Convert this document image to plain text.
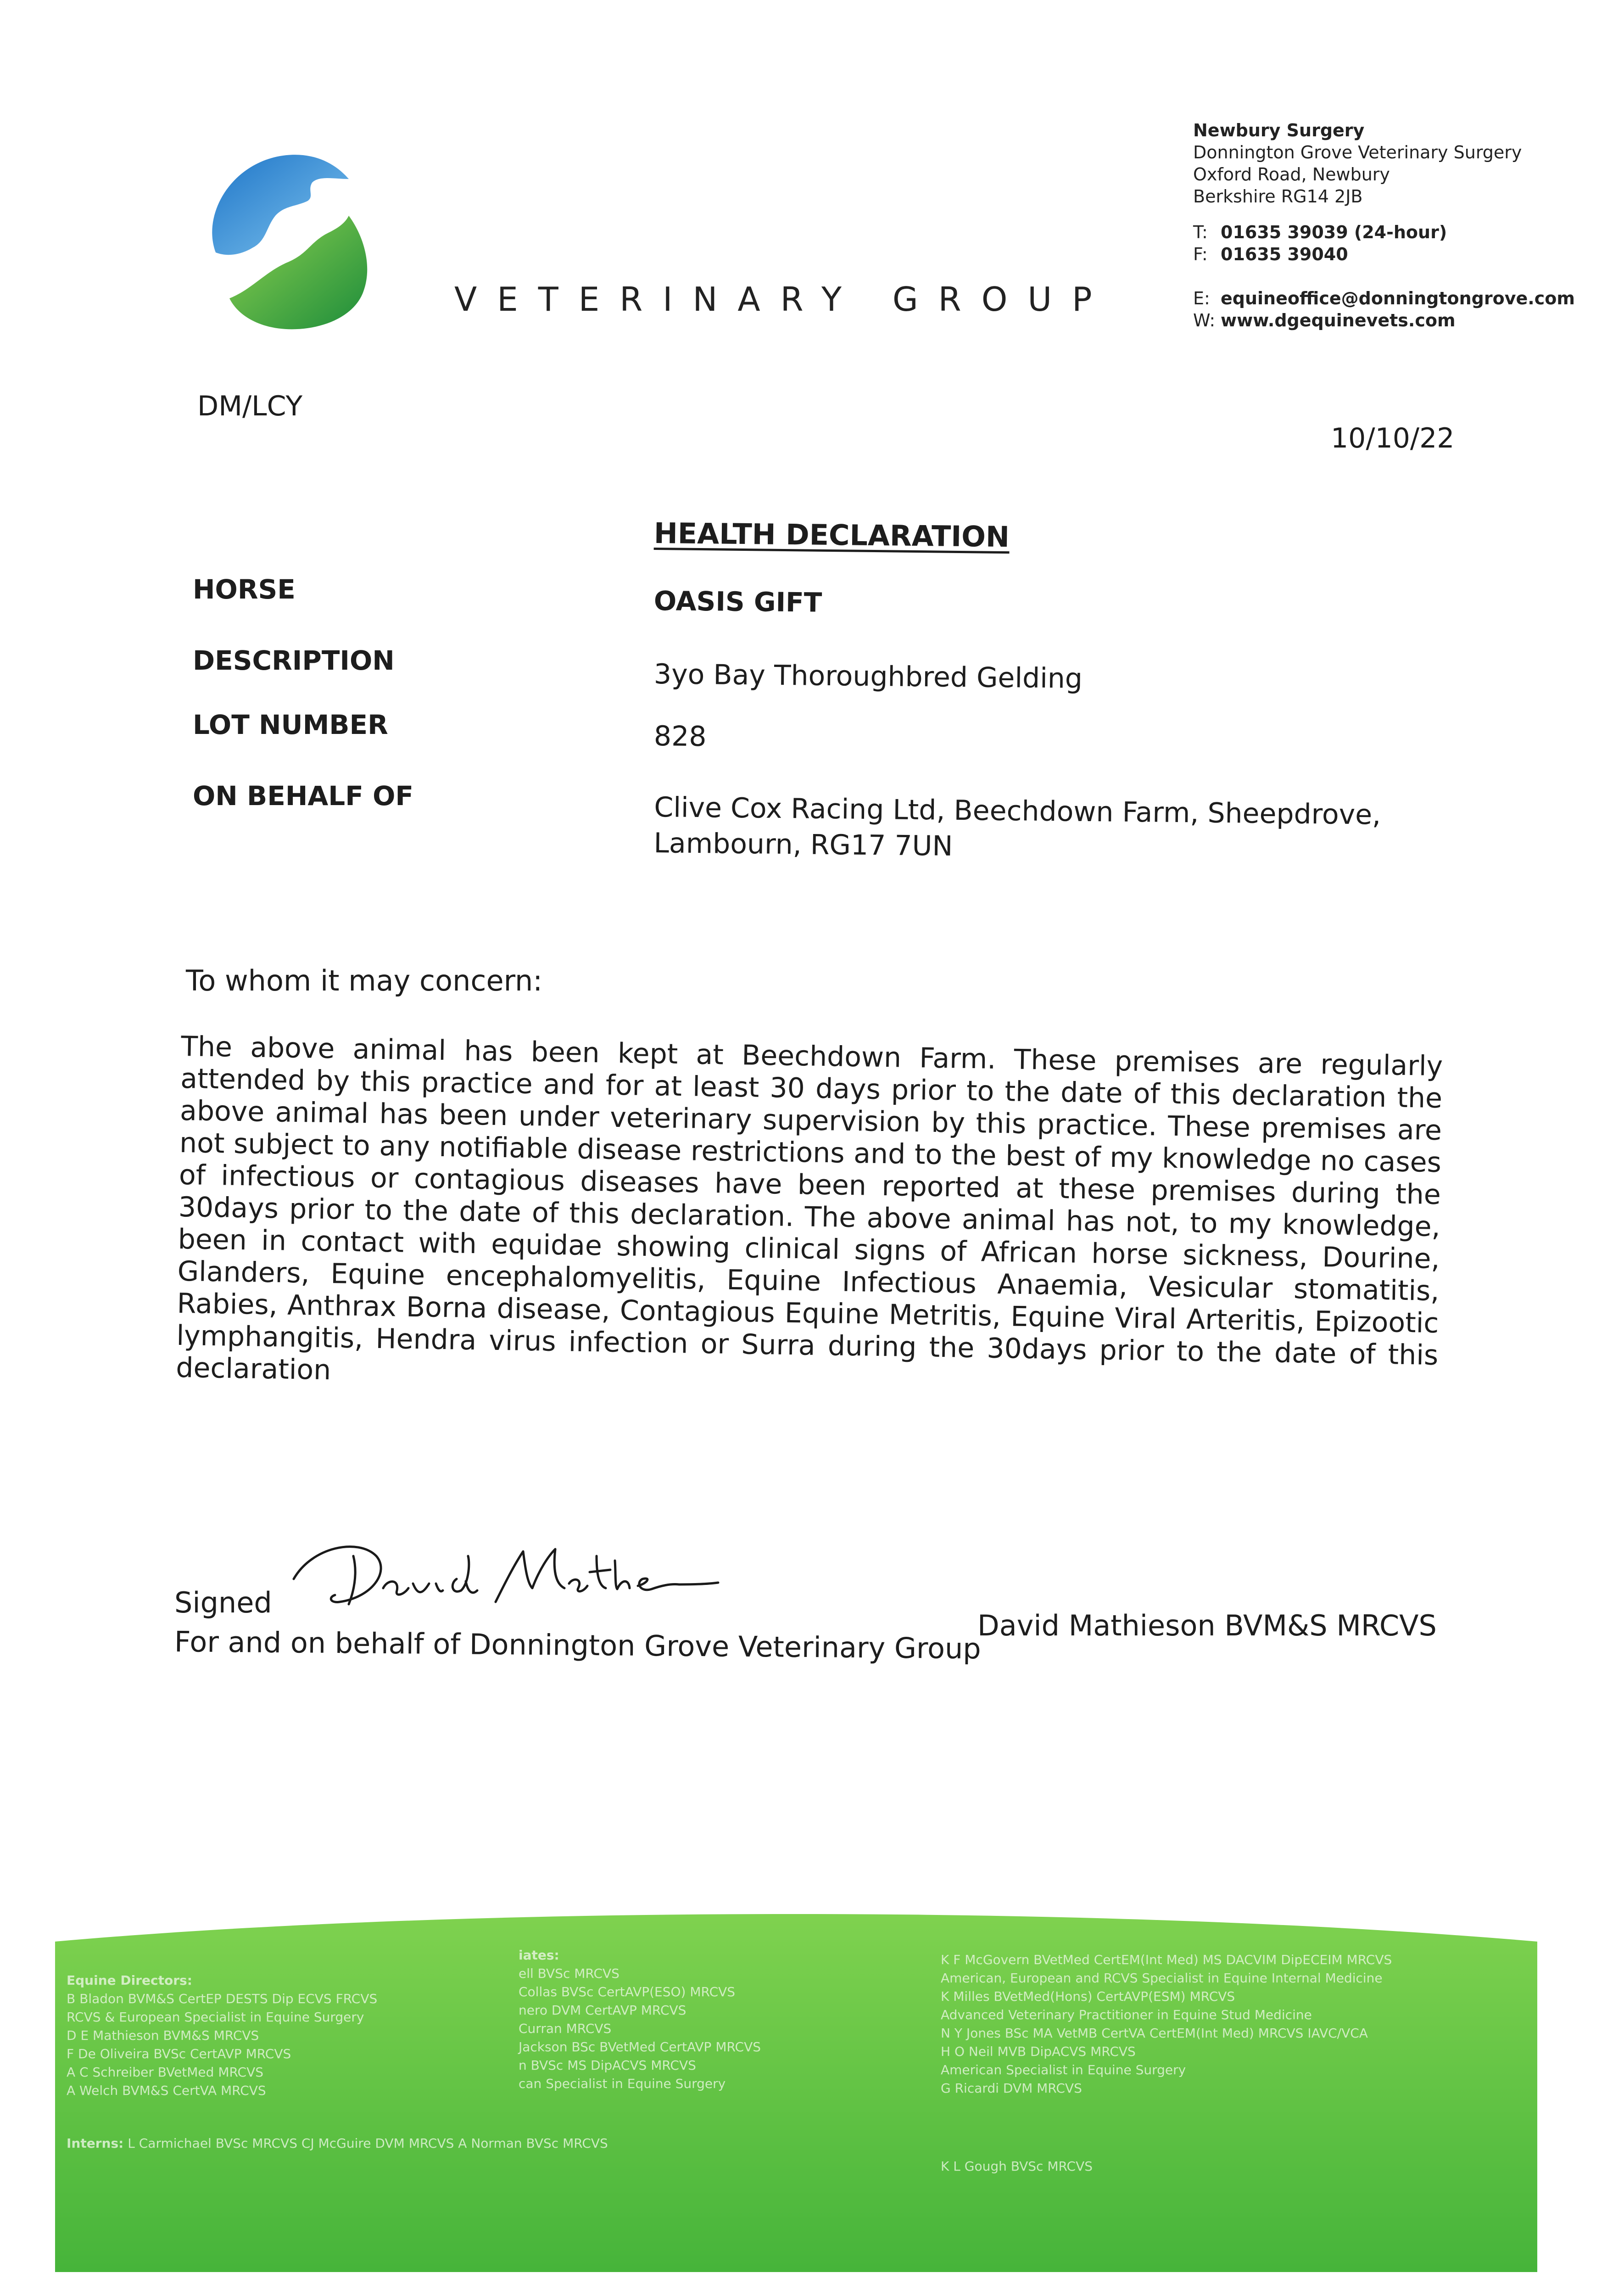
VETERINARY GROUP
Newbury Surgery
Donnington Grove Veterinary Surgery
Oxford Road, Newbury
Berkshire RG14 2JB
T: 01635 39039 (24-hour)
F: 01635 39040
E: equineoffice@donningtongrove.com
W: www.dgequinevets.com
DM/LCY
10/10/22
HEALTH DECLARATION
HORSE	OASIS GIFT
DESCRIPTION	3yo Bay Thoroughbred Gelding
LOT NUMBER	828
ON BEHALF OF	Clive Cox Racing Ltd, Beechdown Farm, Sheepdrove, Lambourn, RG17 7UN
To whom it may concern:
The above animal has been kept at Beechdown Farm. These premises are regularly attended by this practice and for at least 30 days prior to the date of this declaration the above animal has been under veterinary supervision by this practice. These premises are not subject to any notifiable disease restrictions and to the best of my knowledge no cases of infectious or contagious diseases have been reported at these premises during the 30days prior to the date of this declaration. The above animal has not, to my knowledge, been in contact with equidae showing clinical signs of African horse sickness, Dourine, Glanders, Equine encephalomyelitis, Equine Infectious Anaemia, Vesicular stomatitis, Rabies, Anthrax Borna disease, Contagious Equine Metritis, Equine Viral Arteritis, Epizootic lymphangitis, Hendra virus infection or Surra during the 30days prior to the date of this declaration
Signed
For and on behalf of Donnington Grove Veterinary Group
David Mathieson BVM&S MRCVS
Equine Directors:
B Bladon BVM&S CertEP DESTS Dip ECVS FRCVS
RCVS & European Specialist in Equine Surgery
D E Mathieson BVM&S MRCVS
F De Oliveira BVSc CertAVP MRCVS
A C Schreiber BVetMed MRCVS
A Welch BVM&S CertVA MRCVS
iates:
ell BVSc MRCVS
Collas BVSc CertAVP(ESO) MRCVS
nero DVM CertAVP MRCVS
Curran MRCVS
Jackson BSc BVetMed CertAVP MRCVS
n BVSc MS DipACVS MRCVS
can Specialist in Equine Surgery
K F McGovern BVetMed CertEM(Int Med) MS DACVIM DipECEIM MRCVS
American, European and RCVS Specialist in Equine Internal Medicine
K Milles BVetMed(Hons) CertAVP(ESM) MRCVS
Advanced Veterinary Practitioner in Equine Stud Medicine
N Y Jones BSc MA VetMB CertVA CertEM(Int Med) MRCVS IAVC/VCA
H O Neil MVB DipACVS MRCVS
American Specialist in Equine Surgery
G Ricardi DVM MRCVS
Interns: L Carmichael BVSc MRCVS CJ McGuire DVM MRCVS A Norman BVSc MRCVS
K L Gough BVSc MRCVS
